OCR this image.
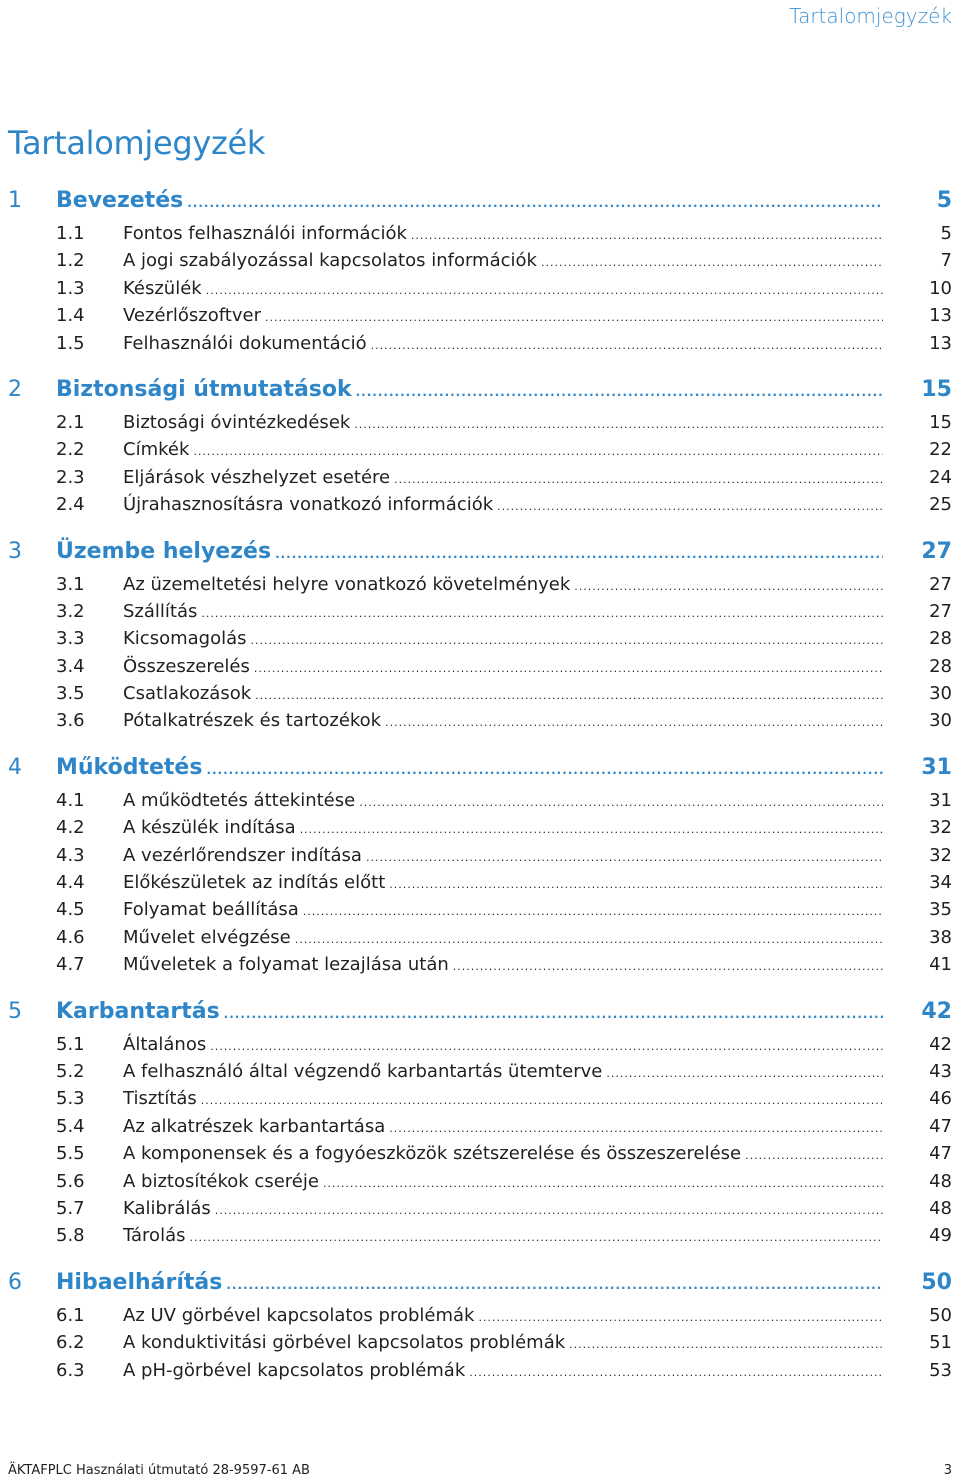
Tartalomjegyzék
Tartalomjegyzék
1 Bevezetés .....	5
1.1 Fontos felhasználói információk .....	5
1.2 A jogi szabályozással kapcsolatos információk .....	7
1.3 Készülék .....	10
1.4 Vezérlőszoftver .....	13
1.5 Felhasználói dokumentáció .....	13
2 Biztonsági útmutatások .....	15
2.1 Biztosági óvintézkedések .....	15
2.2 Címkék .....	22
2.3 Eljárások vészhelyzet esetére .....	24
2.4 Újrahasznosításra vonatkozó információk .....	25
3 Üzembe helyezés .....	27
3.1 Az üzemeltetési helyre vonatkozó követelmények .....	27
3.2 Szállítás .....	27
3.3 Kicsomagolás .....	28
3.4 Összeszerelés .....	28
3.5 Csatlakozások .....	30
3.6 Pótalkatrészek és tartozékok .....	30
4 Működtetés .....	31
4.1 A működtetés áttekintése .....	31
4.2 A készülék indítása .....	32
4.3 A vezérlőrendszer indítása .....	32
4.4 Előkészületek az indítás előtt .....	34
4.5 Folyamat beállítása .....	35
4.6 Művelet elvégzése .....	38
4.7 Műveletek a folyamat lezajlása után .....	41
5 Karbantartás .....	42
5.1 Általános .....	42
5.2 A felhasználó által végzendő karbantartás ütemterve .....	43
5.3 Tisztítás .....	46
5.4 Az alkatrészek karbantartása .....	47
5.5 A komponensek és a fogyóeszközök szétszerelése és összeszerelése .....	47
5.6 A biztosítékok cseréje .....	48
5.7 Kalibrálás .....	48
5.8 Tárolás .....	49
6 Hibaelhárítás .....	50
6.1 Az UV görbével kapcsolatos problémák .....	50
6.2 A konduktivitási görbével kapcsolatos problémák .....	51
6.3 A pH-görbével kapcsolatos problémák .....	53
ÄKTAFPLC Használati útmutató 28-9597-61 AB	3
